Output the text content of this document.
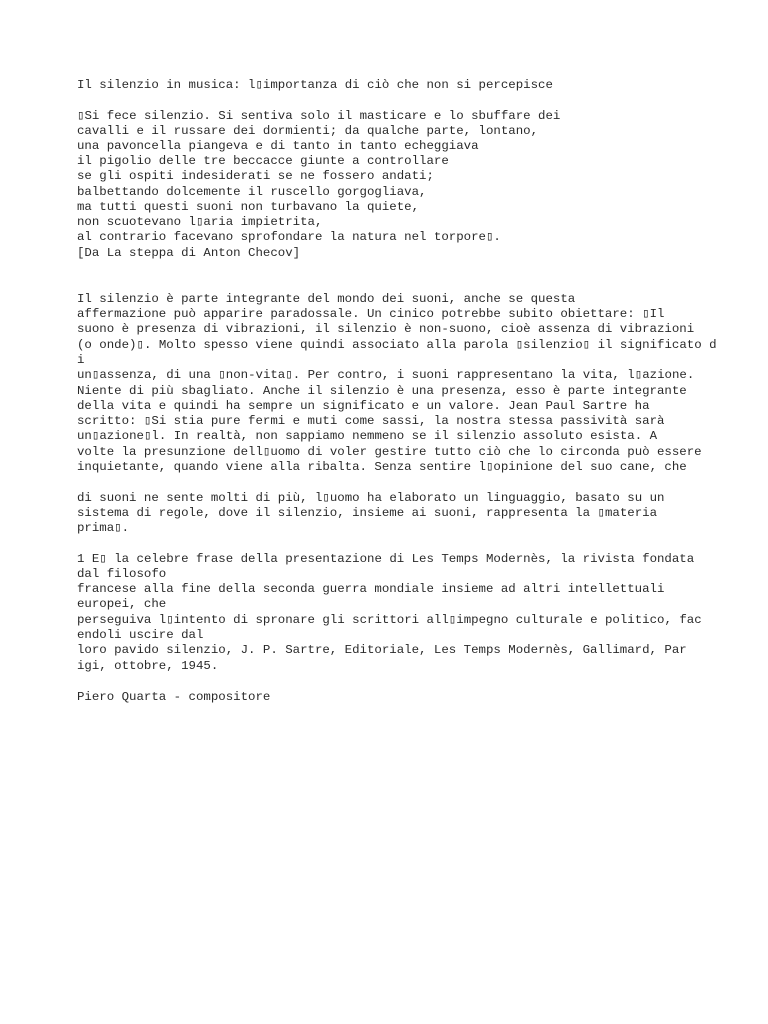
Il silenzio in musica: l▯importanza di ciò che non si percepisce

▯Si fece silenzio. Si sentiva solo il masticare e lo sbuffare dei

cavalli e il russare dei dormienti; da qualche parte, lontano,

una pavoncella piangeva e di tanto in tanto echeggiava

il pigolio delle tre beccacce giunte a controllare

se gli ospiti indesiderati se ne fossero andati;

balbettando dolcemente il ruscello gorgogliava,

ma tutti questi suoni non turbavano la quiete,

non scuotevano l▯aria impietrita,

al contrario facevano sprofondare la natura nel torpore▯.

[Da La steppa di Anton Checov]

Il silenzio è parte integrante del mondo dei suoni, anche se questa

affermazione può apparire paradossale. Un cinico potrebbe subito obiettare: ▯Il

suono è presenza di vibrazioni, il silenzio è non-suono, cioè assenza di vibrazioni

(o onde)▯. Molto spesso viene quindi associato alla parola ▯silenzio▯ il significato d

i

un▯assenza, di una ▯non-vita▯. Per contro, i suoni rappresentano la vita, l▯azione.

Niente di più sbagliato. Anche il silenzio è una presenza, esso è parte integrante

della vita e quindi ha sempre un significato e un valore. Jean Paul Sartre ha

scritto: ▯Si stia pure fermi e muti come sassi, la nostra stessa passività sarà

un▯azione▯l. In realtà, non sappiamo nemmeno se il silenzio assoluto esista. A

volte la presunzione dell▯uomo di voler gestire tutto ciò che lo circonda può essere

inquietante, quando viene alla ribalta. Senza sentire l▯opinione del suo cane, che

di suoni ne sente molti di più, l▯uomo ha elaborato un linguaggio, basato su un

sistema di regole, dove il silenzio, insieme ai suoni, rappresenta la ▯materia

prima▯.

1 E▯ la celebre frase della presentazione di Les Temps Modernès, la rivista fondata

dal filosofo

francese alla fine della seconda guerra mondiale insieme ad altri intellettuali

europei, che

perseguiva l▯intento di spronare gli scrittori all▯impegno culturale e politico, fac

endoli uscire dal

loro pavido silenzio, J. P. Sartre, Editoriale, Les Temps Modernès, Gallimard, Par

igi, ottobre, 1945.

Piero Quarta - compositore
